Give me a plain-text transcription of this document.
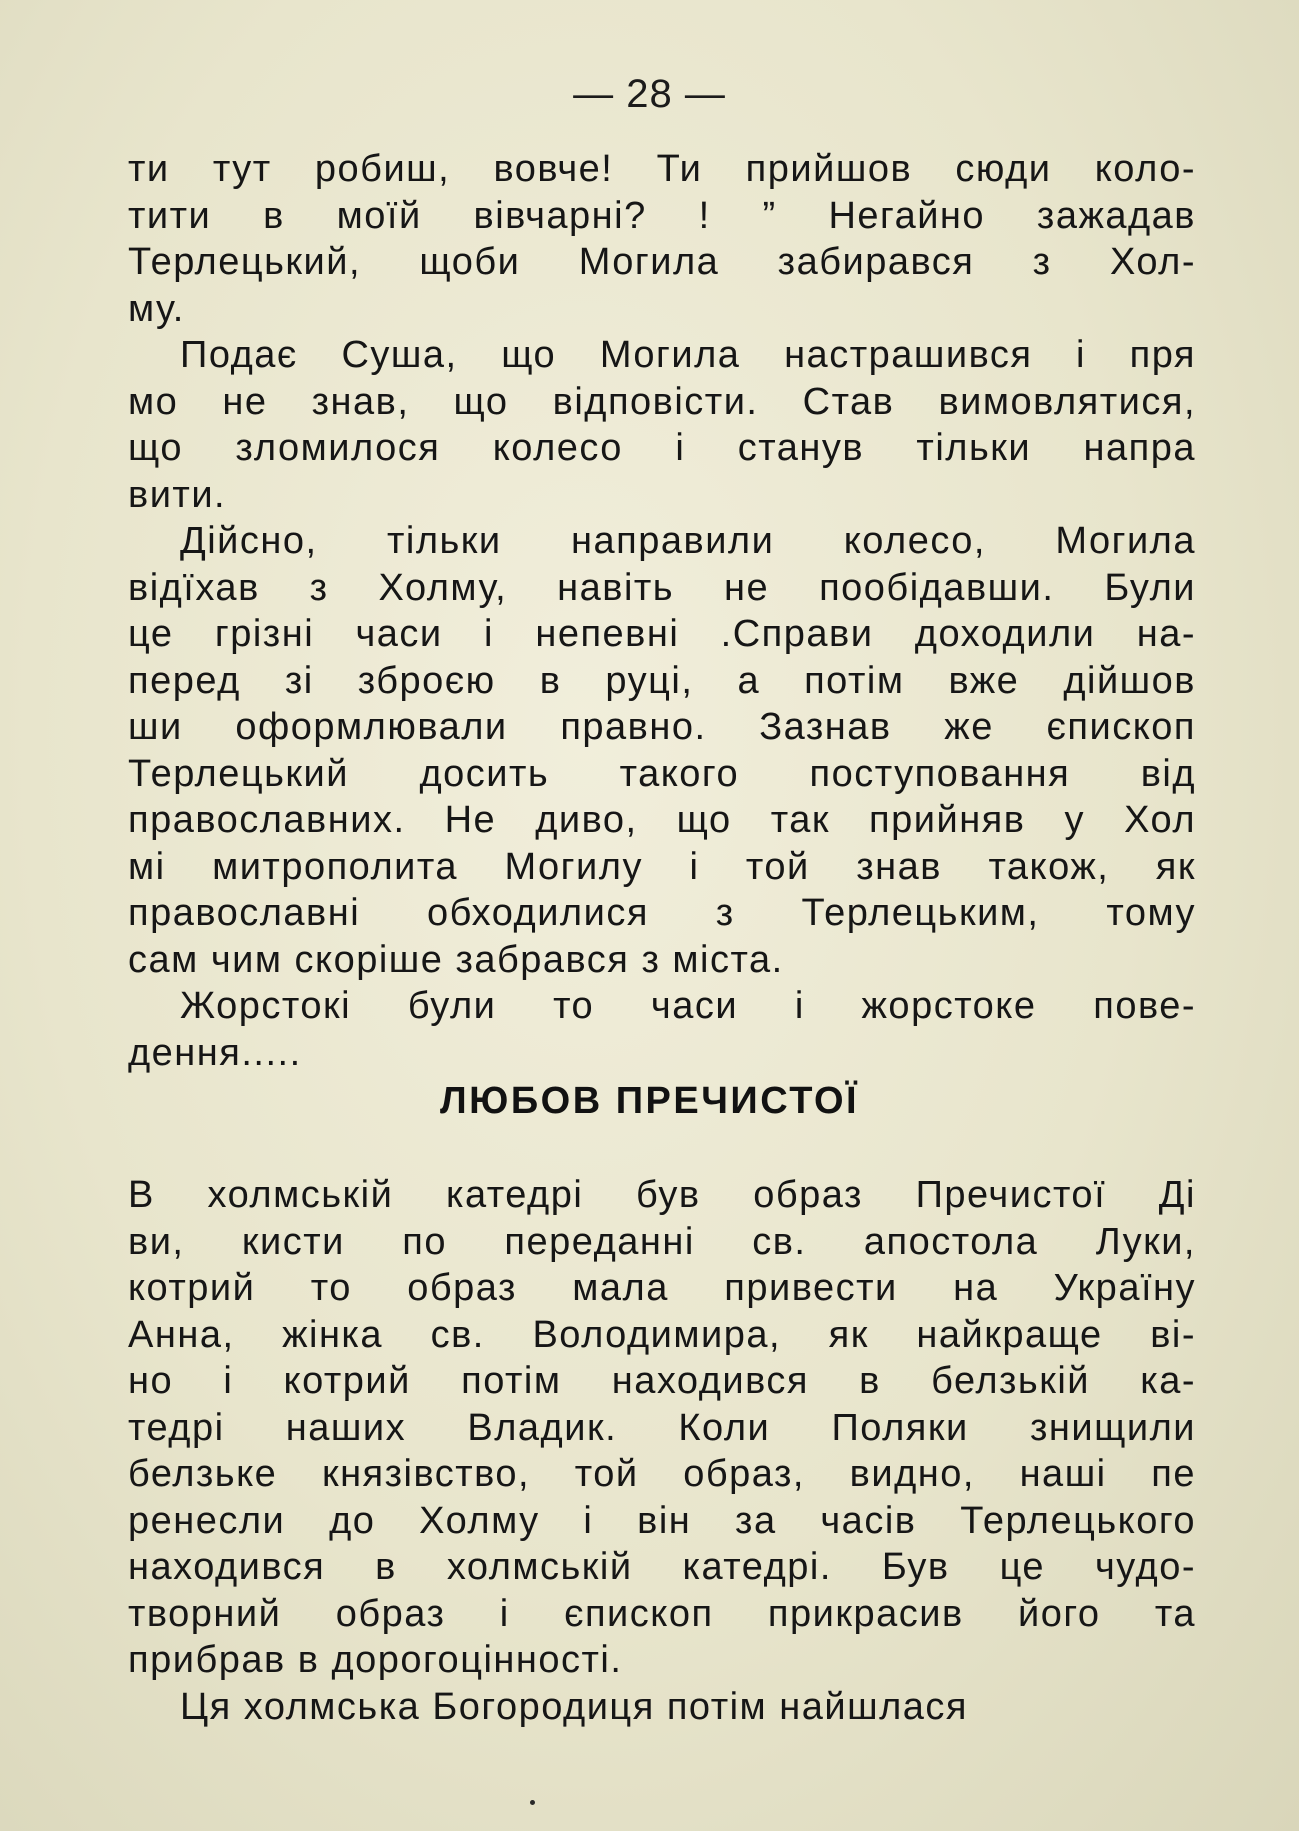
— 28 —

ти тут робиш, вовче! Ти прийшов сюди коло-
тити в моїй вівчарні? ! ” Негайно зажадав
Терлецький, щоби Могила забирався з Хол-
му.

Подає Суша, що Могила настрашився і пря
мо не знав, що відповісти. Став вимовлятися,
що зломилося колесо і станув тільки напра
вити.

Дійсно, тільки направили колесо, Могила
відїхав з Холму, навіть не пообідавши. Були
це грізні часи і непевні .Справи доходили на-
перед зі зброєю в руці, а потім вже дійшов
ши оформлювали правно. Зазнав же єпископ
Терлецький досить такого поступовання від
православних. Не диво, що так прийняв у Хол
мі митрополита Могилу і той знав також, як
православні обходилися з Терлецьким, тому
сам чим скоріше забрався з міста.

Жорстокі були то часи і жорстоке пове-
дення.....

ЛЮБОВ ПРЕЧИСТОЇ

В холмській катедрі був образ Пречистої Ді
ви, кисти по переданні св. апостола Луки,
котрий то образ мала привести на Україну
Анна, жінка св. Володимира, як найкраще ві-
но і котрий потім находився в белзькій ка-
тедрі наших Владик. Коли Поляки знищили
белзьке князівство, той образ, видно, наші пе
ренесли до Холму і він за часів Терлецького
находився в холмській катедрі. Був це чудо-
творний образ і єпископ прикрасив його та
прибрав в дорогоцінності.

Ця холмська Богородиця потім найшлася
